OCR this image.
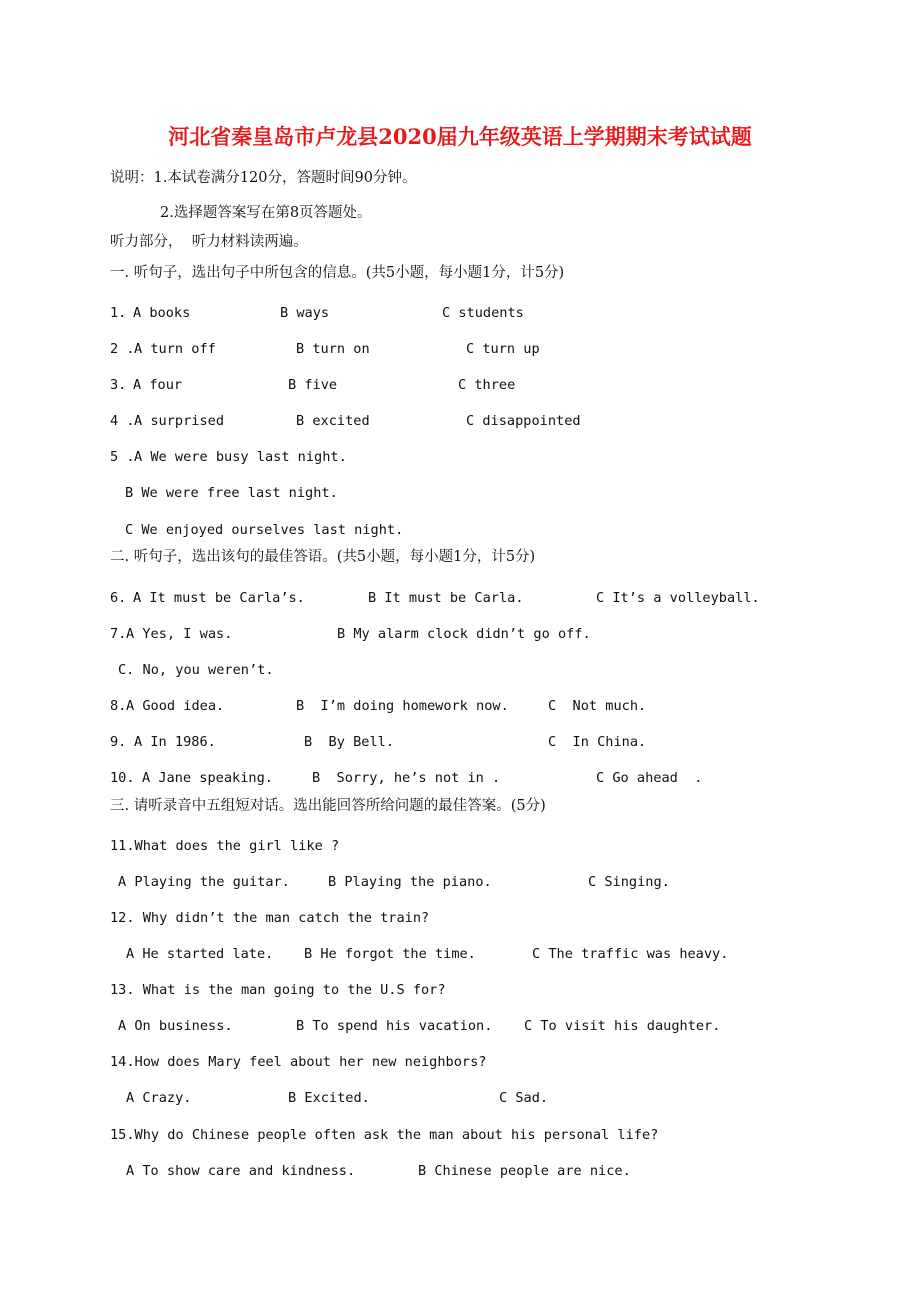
河北省秦皇岛市卢龙县2020届九年级英语上学期期末考试试题
说明：1.本试卷满分120分，答题时间90分钟。
2.选择题答案写在第8页答题处。
听力部分，  听力材料读两遍。
一. 听句子，选出句子中所包含的信息。(共5小题，每小题1分，计5分)
1. A books	B ways	C students
2 . A turn off	B turn on	C turn up
3. A four	B five	C three
4 . A surprised	B excited	C disappointed
5 . A We were busy last night.
B We were free last night.
C We enjoyed ourselves last night.
二. 听句子，选出该句的最佳答语。(共5小题，每小题1分，计5分)
6. A It must be Carla’s.	B It must be Carla.	C It’s a volleyball.
7. A Yes, I was.	B My alarm clock didn’t go off.
C. No, you weren’t.
8. A Good idea.	B  I’m doing homework now.	C  Not much.
9. A In 1986.	B  By Bell.	C  In China.
10. A Jane speaking.	B  Sorry, he’s not in .	C Go ahead  .
三. 请听录音中五组短对话。选出能回答所给问题的最佳答案。(5分)
11.What does the girl like ?
A Playing the guitar.	B Playing the piano.	C Singing.
12. Why didn’t the man catch the train?
A He started late. B He forgot the time.	C The traffic was heavy.
13. What is the man going to the U.S for?
A On business.	B To spend his vacation. C To visit his daughter.
14.How does Mary feel about her new neighbors?
A Crazy.	B Excited.	C Sad.
15.Why do Chinese people often ask the man about his personal life?
A To show care and kindness.	B Chinese people are nice.
